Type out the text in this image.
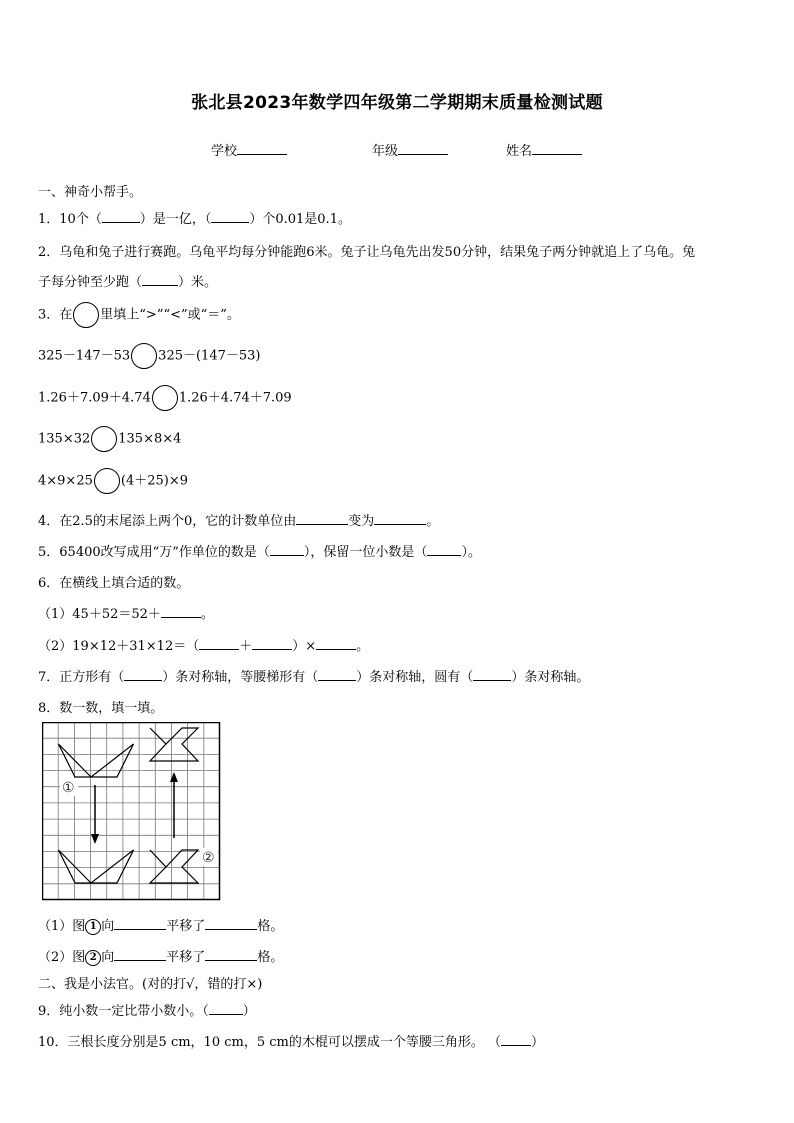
张北县2023年数学四年级第二学期期末质量检测试题
学校	年级	姓名
一、神奇小帮手。
1．10个（	）是一亿，（	）个0.01是0.1。
2．乌龟和兔子进行赛跑。乌龟平均每分钟能跑6米。兔子让乌龟先出发50分钟，结果兔子两分钟就追上了乌龟。兔
子每分钟至少跑（	）米。
3．在 里填上“>”“<”或“＝”。
325－147－53 325－(147－53)
1.26＋7.09＋4.74 1.26＋4.74＋7.09
135×32 135×8×4
4×9×25 (4＋25)×9
4．在2.5的末尾添上两个0，它的计数单位由	变为	。
5．65400改写成用“万”作单位的数是（	），保留一位小数是（	）。
6．在横线上填合适的数。
（1）45＋52＝52＋	。
（2）19×12＋31×12＝（	＋	）×	。
7．正方形有（	）条对称轴，等腰梯形有（	）条对称轴，圆有（	）条对称轴。
8．数一数，填一填。
①
②
（1）图 1 向	平移了	格。
（2）图 2 向	平移了	格。
二、我是小法官。(对的打√，错的打×)
9．纯小数一定比带小数小。（	）
10．三根长度分别是5 cm，10 cm，5 cm的木棍可以摆成一个等腰三角形。 （ ）
